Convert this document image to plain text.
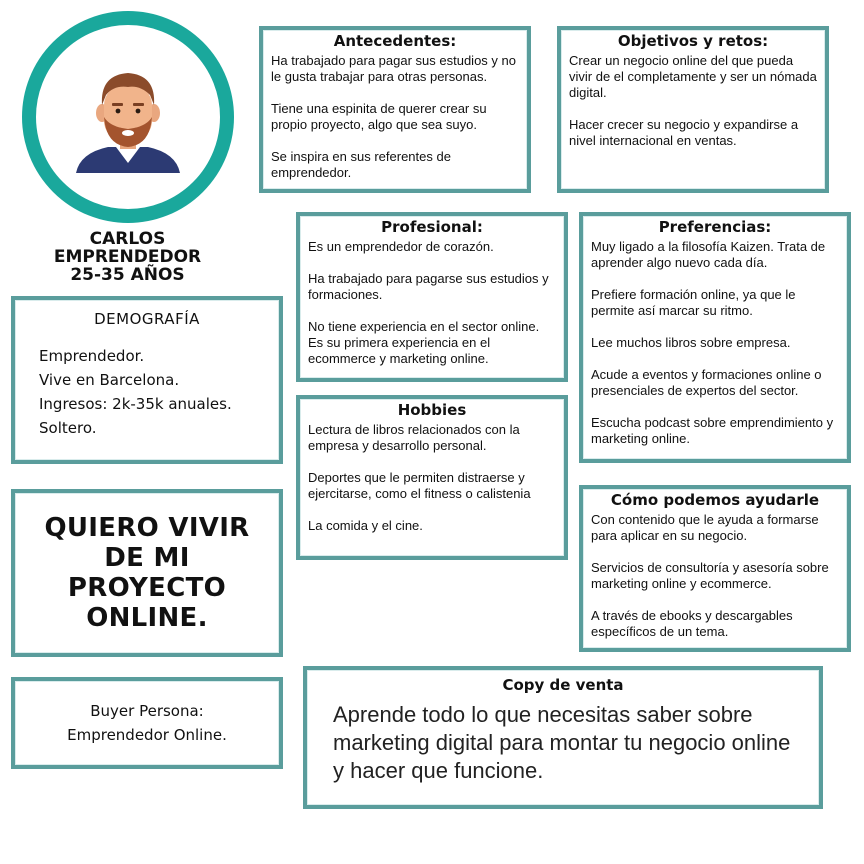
CARLOS
EMPRENDEDOR
25-35 AÑOS
Antecedentes:

Ha trabajado para pagar sus estudios y no le gusta trabajar para otras personas.

Tiene una espinita de querer crear su propio proyecto, algo que sea suyo.

Se inspira en sus referentes de emprendedor.

Objetivos y retos:

Crear un negocio online del que pueda vivir de el completamente y ser un nómada digital.

Hacer crecer su negocio y expandirse a nivel internacional en ventas.

Profesional:

Es un emprendedor de corazón.

Ha trabajado para pagarse sus estudios y formaciones.

No tiene experiencia en el sector online. Es su primera experiencia en el ecommerce y marketing online.

Preferencias:

Muy ligado a la filosofía Kaizen. Trata de aprender algo nuevo cada día.

Prefiere formación online, ya que le permite así marcar su ritmo.

Lee muchos libros sobre empresa.

Acude a eventos y formaciones online o presenciales de expertos del sector.

Escucha podcast sobre emprendimiento y marketing online.

DEMOGRAFÍA
Emprendedor.
Vive en Barcelona.
Ingresos: 2k-35k anuales.
Soltero.
Hobbies

Lectura de libros relacionados con la empresa y desarrollo personal.

Deportes que le permiten distraerse y ejercitarse, como el fitness o calistenia

La comida y el cine.

QUIERO VIVIR
DE MI
PROYECTO
ONLINE.
Cómo podemos ayudarle

Con contenido que le ayuda a formarse para aplicar en su negocio.

Servicios de consultoría y asesoría sobre marketing online y ecommerce.

A través de ebooks y descargables específicos de un tema.

Buyer Persona:
Emprendedor Online.
Copy de venta
Aprende todo lo que necesitas saber sobre marketing digital para montar tu negocio online y hacer que funcione.
